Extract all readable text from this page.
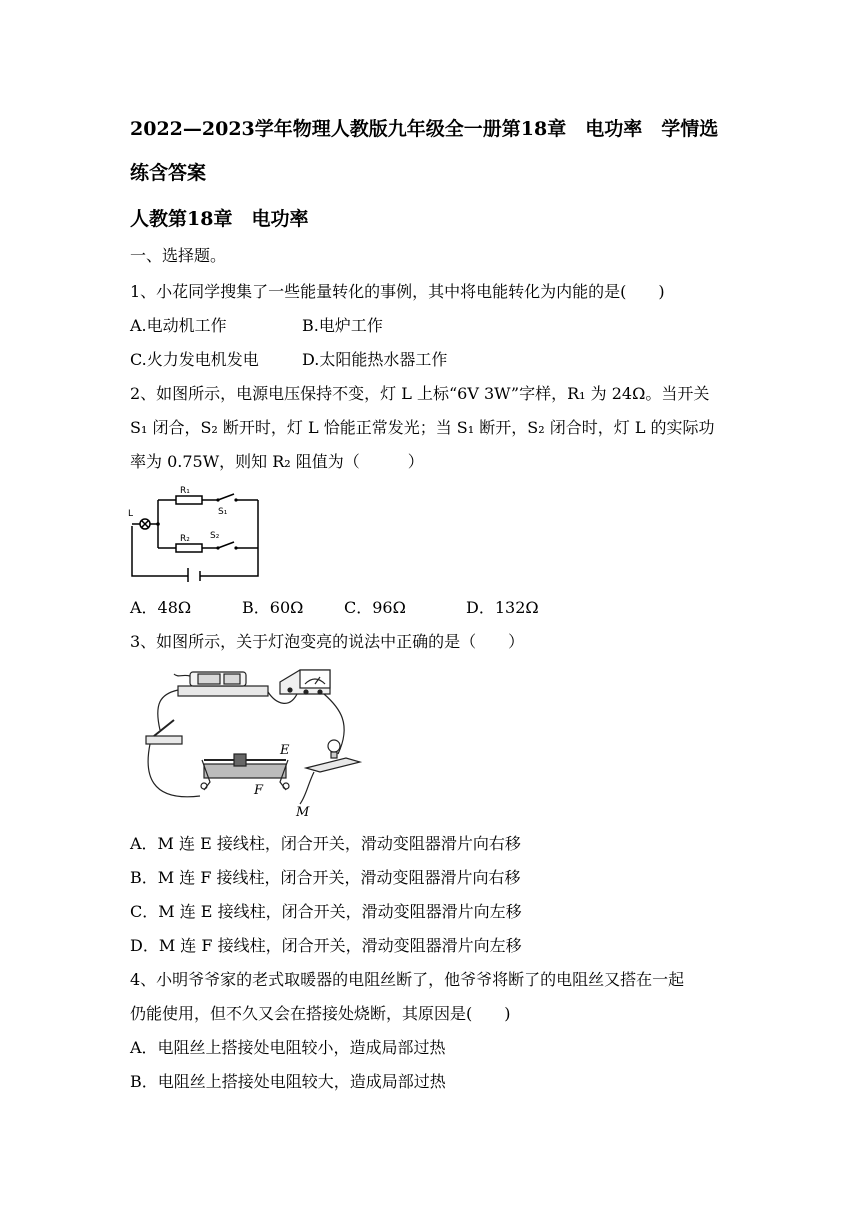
2022—2023学年物理人教版九年级全一册第18章　电功率　学情选
练含答案
人教第18章　电功率
一、选择题。
1、小花同学搜集了一些能量转化的事例，其中将电能转化为内能的是(　　)
A.电动机工作	B.电炉工作
C.火力发电机发电	D.太阳能热水器工作
2、如图所示，电源电压保持不变，灯 L 上标“6V 3W”字样，R₁ 为 24Ω。当开关
S₁ 闭合，S₂ 断开时，灯 L 恰能正常发光；当 S₁ 断开，S₂ 闭合时，灯 L 的实际功
率为 0.75W，则知 R₂ 阻值为（　　　）
L
R₁
S₁
R₂ S₂
A．48Ω	B．60Ω	C．96Ω	D．132Ω
3、如图所示，关于灯泡变亮的说法中正确的是（　　）
E
F
M
A．M 连 E 接线柱，闭合开关，滑动变阻器滑片向右移
B．M 连 F 接线柱，闭合开关，滑动变阻器滑片向右移
C．M 连 E 接线柱，闭合开关，滑动变阻器滑片向左移
D．M 连 F 接线柱，闭合开关，滑动变阻器滑片向左移
4、小明爷爷家的老式取暖器的电阻丝断了，他爷爷将断了的电阻丝又搭在一起
仍能使用，但不久又会在搭接处烧断，其原因是(　　)
A．电阻丝上搭接处电阻较小，造成局部过热
B．电阻丝上搭接处电阻较大，造成局部过热
